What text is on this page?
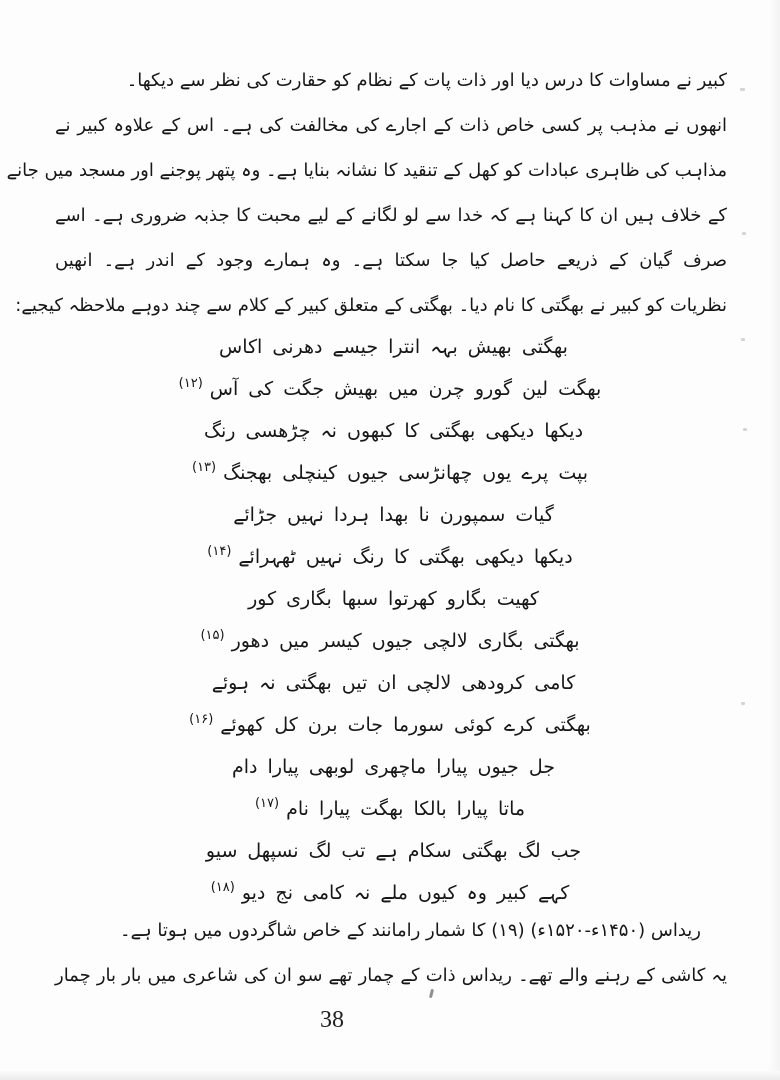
کبیر نے مساوات کا درس دیا اور ذات پات کے نظام کو حقارت کی نظر سے دیکھا۔
انھوں نے مذہب پر کسی خاص ذات کے اجارے کی مخالفت کی ہے۔ اس کے علاوہ کبیر نے
مذاہب کی ظاہری عبادات کو کھل کے تنقید کا نشانہ بنایا ہے۔ وہ پتھر پوجنے اور مسجد میں جانے
کے خلاف ہیں ان کا کہنا ہے کہ خدا سے لو لگانے کے لیے محبت کا جذبہ ضروری ہے۔ اسے
صرف گیان کے ذریعے حاصل کیا جا سکتا ہے۔ وہ ہمارے وجود کے اندر ہے۔ انھیں
نظریات کو کبیر نے بھگتی کا نام دیا۔ بھگتی کے متعلق کبیر کے کلام سے چند دوہے ملاحظہ کیجیے:
بھگتی بھیش بہہ انترا جیسے دھرنی اکاس
بھگت لین گورو چرن میں بھیش جگت کی آس(۱۲)
دیکھا دیکھی بھگتی کا کبھوں نہ چڑھسی رنگ
بپت پرے یوں چھانڑسی جیوں کینچلی بھجنگ(۱۳)
گیات سمپورن نا بھدا ہردا نہیں جڑائے
دیکھا دیکھی بھگتی کا رنگ نہیں ٹھہرائے(۱۴)
کھیت بگارو کھرتوا سبھا بگاری کور
بھگتی بگاری لالچی جیوں کیسر میں دھور(۱۵)
کامی کرودھی لالچی ان تیں بھگتی نہ ہوئے
بھگتی کرے کوئی سورما جات برن کل کھوئے(۱۶)
جل جیوں پیارا ماچھری لوبھی پیارا دام
ماتا پیارا بالکا بھگت پیارا نام(۱۷)
جب لگ بھگتی سکام ہے تب لگ نسپھل سیو
کہے کبیر وہ کیوں ملے نہ کامی نج دیو(۱۸)
ریداس (۱۴۵۰ء-۱۵۲۰ء) (۱۹) کا شمار رامانند کے خاص شاگردوں میں ہوتا ہے۔
یہ کاشی کے رہنے والے تھے۔ ریداس ذات کے چمار تھے سو ان کی شاعری میں بار بار چمار
38
